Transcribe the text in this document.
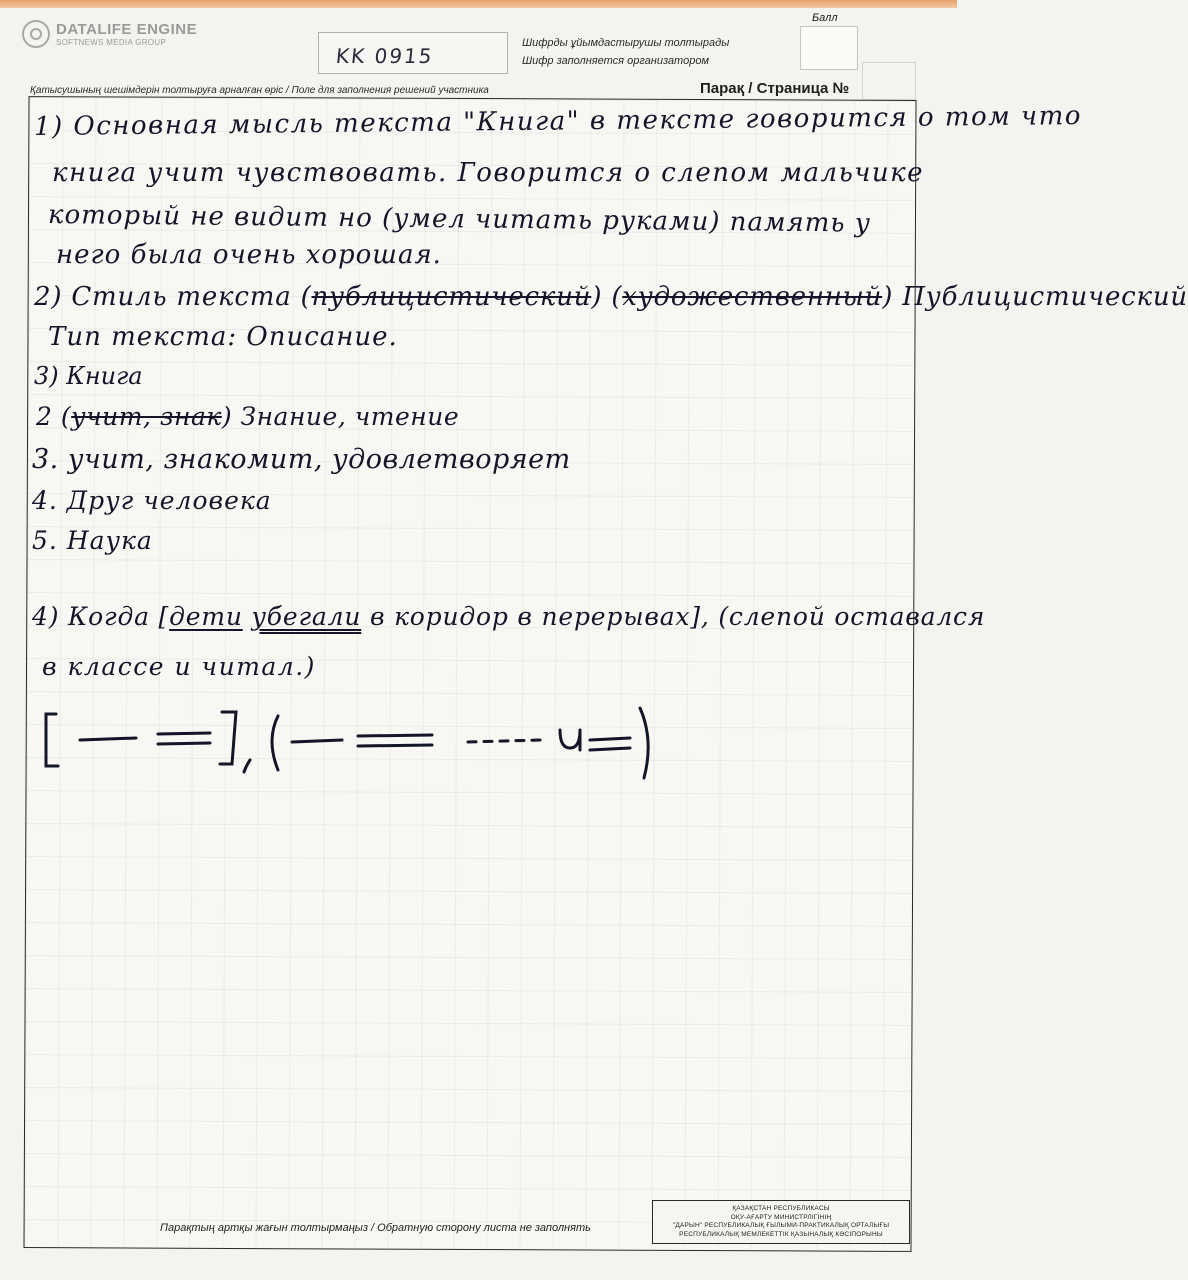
DATALIFE ENGINE
SOFTNEWS MEDIA GROUP
KK 0915
Шифрды ұйымдастырушы толтырады
Шифр заполняется организатором
Балл
Қатысушының шешімдерін толтыруға арналған өріс / Поле для заполнения решений участника	Парақ / Страница №
1) Основная мысль текста "Книга" в тексте говорится о том что
книга учит чувствовать. Говорится о слепом мальчике
который не видит но (умел читать руками) память у
него была очень хорошая.
2) Стиль текста (публицистический) (художественный) Публицистический
Тип текста: Описание.
3) Книга
2 (учит, знак) Знание, чтение
3. учит, знакомит, удовлетворяет
4. Друг человека
5. Наука
4) Когда [дети убегали в коридор в перерывах], (слепой оставался
в классе и читал.)
Парақтың артқы жағын толтырмаңыз / Обратную сторону листа не заполнять
ҚАЗАҚСТАН РЕСПУБЛИКАСЫ
ОҚУ-АҒАРТУ МИНИСТРЛІГІНІҢ
"ДАРЫН" РЕСПУБЛИКАЛЫҚ ҒЫЛЫМИ-ПРАКТИКАЛЫҚ ОРТАЛЫҒЫ
РЕСПУБЛИКАЛЫҚ МЕМЛЕКЕТТІК ҚАЗЫНАЛЫҚ КӘСІПОРЫНЫ
